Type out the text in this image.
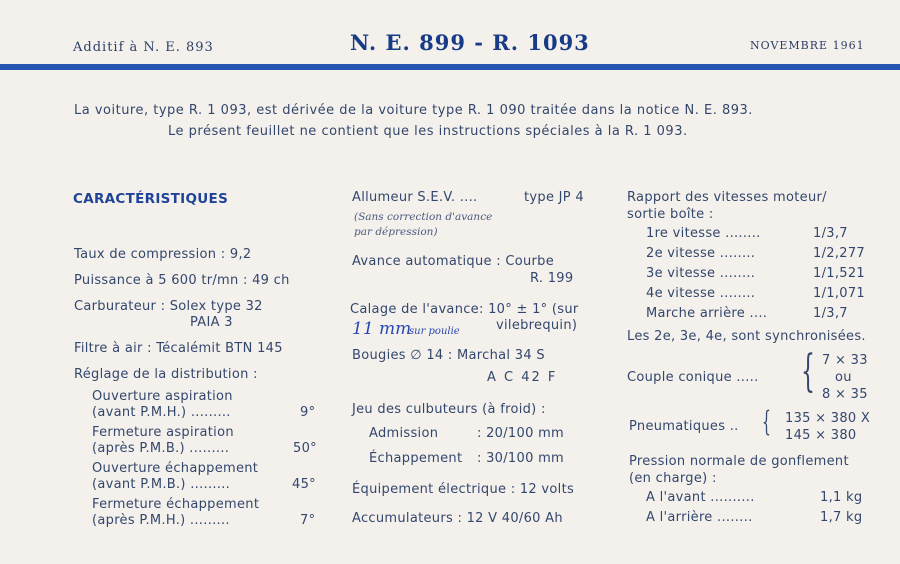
Additif à N. E. 893	N. E. 899 - R. 1093	NOVEMBRE 1961
La voiture, type R. 1 093, est dérivée de la voiture type R. 1 090 traitée dans la notice N. E. 893.
Le présent feuillet ne contient que les instructions spéciales à la R. 1 093.
CARACTÉRISTIQUES
Taux de compression : 9,2
Puissance à 5 600 tr/mn : 49 ch
Carburateur : Solex type 32
PAIA 3
Filtre à air : Técalémit BTN 145
Réglage de la distribution :
Ouverture aspiration
(avant P.M.H.) .........	9°
Fermeture aspiration
(après P.M.B.) .........	50°
Ouverture échappement
(avant P.M.B.) .........	45°
Fermeture échappement
(après P.M.H.) .........	7°
Allumeur S.E.V. ....	type JP 4
(Sans correction d'avance
par dépression)
Avance automatique : Courbe
R. 199
Calage de l'avance: 10° ± 1° (sur
11 mm
sur poulie	vilebrequin)
Bougies ∅ 14 : Marchal 34 S
A C 42 F
Jeu des culbuteurs (à froid) :
Admission	: 20/100 mm
Échappement : 30/100 mm
Équipement électrique : 12 volts
Accumulateurs : 12 V 40/60 Ah
Rapport des vitesses moteur/
sortie boîte :
1re vitesse ........	1/3,7
2e vitesse ........	1/2,277
3e vitesse ........	1/1,521
4e vitesse ........	1/1,071
Marche arrière ....	1/3,7
Les 2e, 3e, 4e, sont synchronisées.
Couple conique ..... { 7 × 33
ou
8 × 35
Pneumatiques .. { 135 × 380 X
145 × 380
Pression normale de gonflement
(en charge) :
A l'avant ..........	1,1 kg
A l'arrière ........	1,7 kg
